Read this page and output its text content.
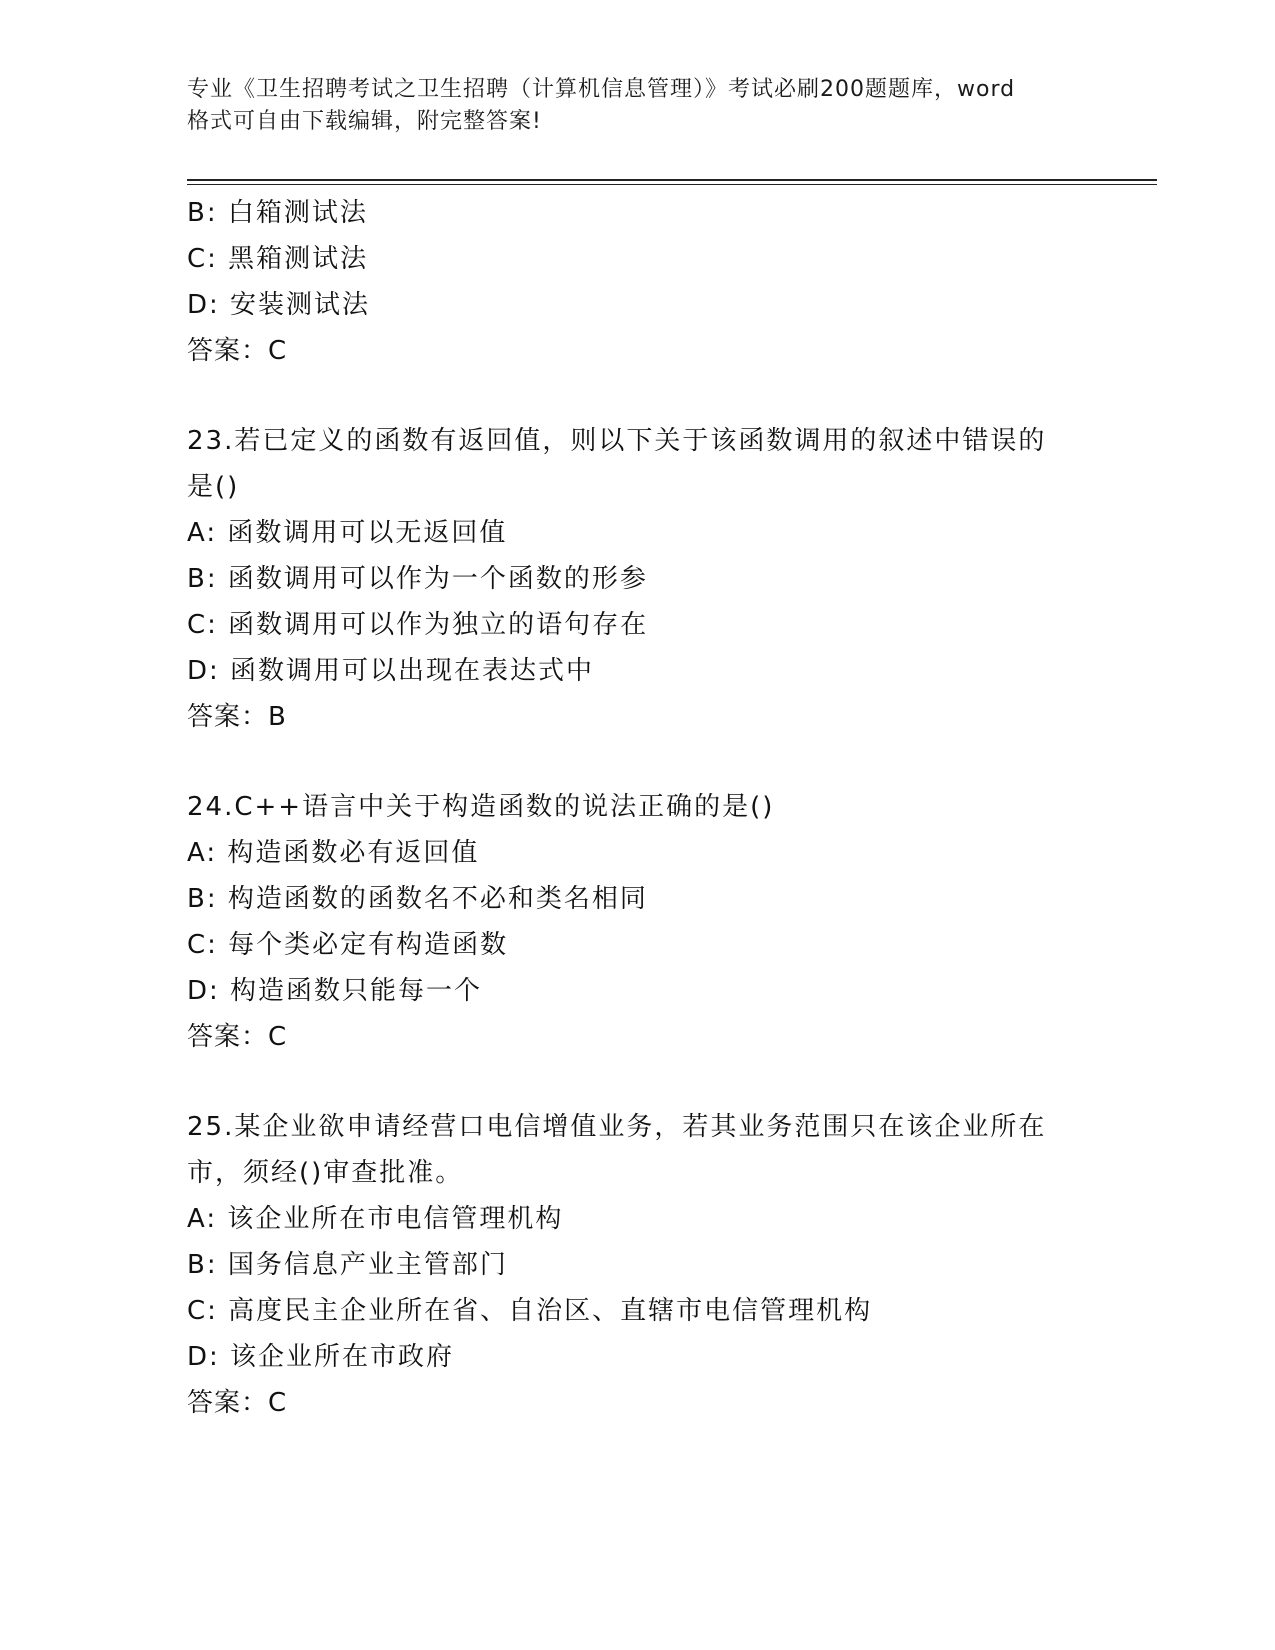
专业《卫生招聘考试之卫生招聘（计算机信息管理）》考试必刷200题题库，word
格式可自由下载编辑，附完整答案!
B: 白箱测试法
C: 黑箱测试法
D: 安装测试法
答案：C
23.若已定义的函数有返回值，则以下关于该函数调用的叙述中错误的
是()
A: 函数调用可以无返回值
B: 函数调用可以作为一个函数的形参
C: 函数调用可以作为独立的语句存在
D: 函数调用可以出现在表达式中
答案：B
24.C++语言中关于构造函数的说法正确的是()
A: 构造函数必有返回值
B: 构造函数的函数名不必和类名相同
C: 每个类必定有构造函数
D: 构造函数只能每一个
答案：C
25.某企业欲申请经营口电信增值业务，若其业务范围只在该企业所在
市，须经()审查批准。
A: 该企业所在市电信管理机构
B: 国务信息产业主管部门
C: 高度民主企业所在省、自治区、直辖市电信管理机构
D: 该企业所在市政府
答案：C
